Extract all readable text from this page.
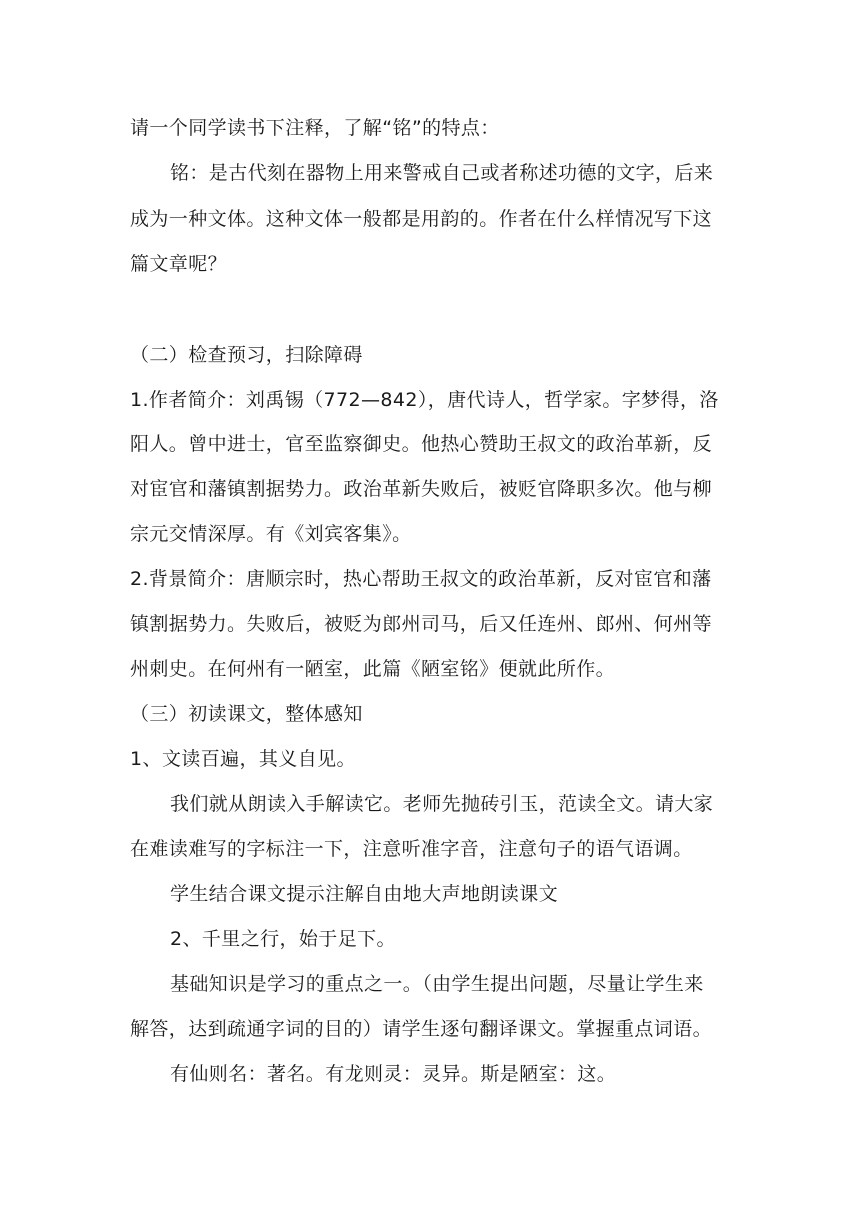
请一个同学读书下注释，了解“铭”的特点：
铭：是古代刻在器物上用来警戒自己或者称述功德的文字，后来
成为一种文体。这种文体一般都是用韵的。作者在什么样情况写下这
篇文章呢？
（二）检查预习，扫除障碍
1.作者简介：刘禹锡（772—842），唐代诗人，哲学家。字梦得，洛
阳人。曾中进士，官至监察御史。他热心赞助王叔文的政治革新，反
对宦官和藩镇割据势力。政治革新失败后，被贬官降职多次。他与柳
宗元交情深厚。有《刘宾客集》。
2.背景简介：唐顺宗时，热心帮助王叔文的政治革新，反对宦官和藩
镇割据势力。失败后，被贬为郎州司马，后又任连州、郎州、何州等
州刺史。在何州有一陋室，此篇《陋室铭》便就此所作。
（三）初读课文，整体感知
1、文读百遍，其义自见。
我们就从朗读入手解读它。老师先抛砖引玉，范读全文。请大家
在难读难写的字标注一下，注意听准字音，注意句子的语气语调。
学生结合课文提示注解自由地大声地朗读课文
2、千里之行，始于足下。
基础知识是学习的重点之一。（由学生提出问题，尽量让学生来
解答，达到疏通字词的目的）请学生逐句翻译课文。掌握重点词语。
有仙则名：著名。有龙则灵：灵异。斯是陋室：这。
